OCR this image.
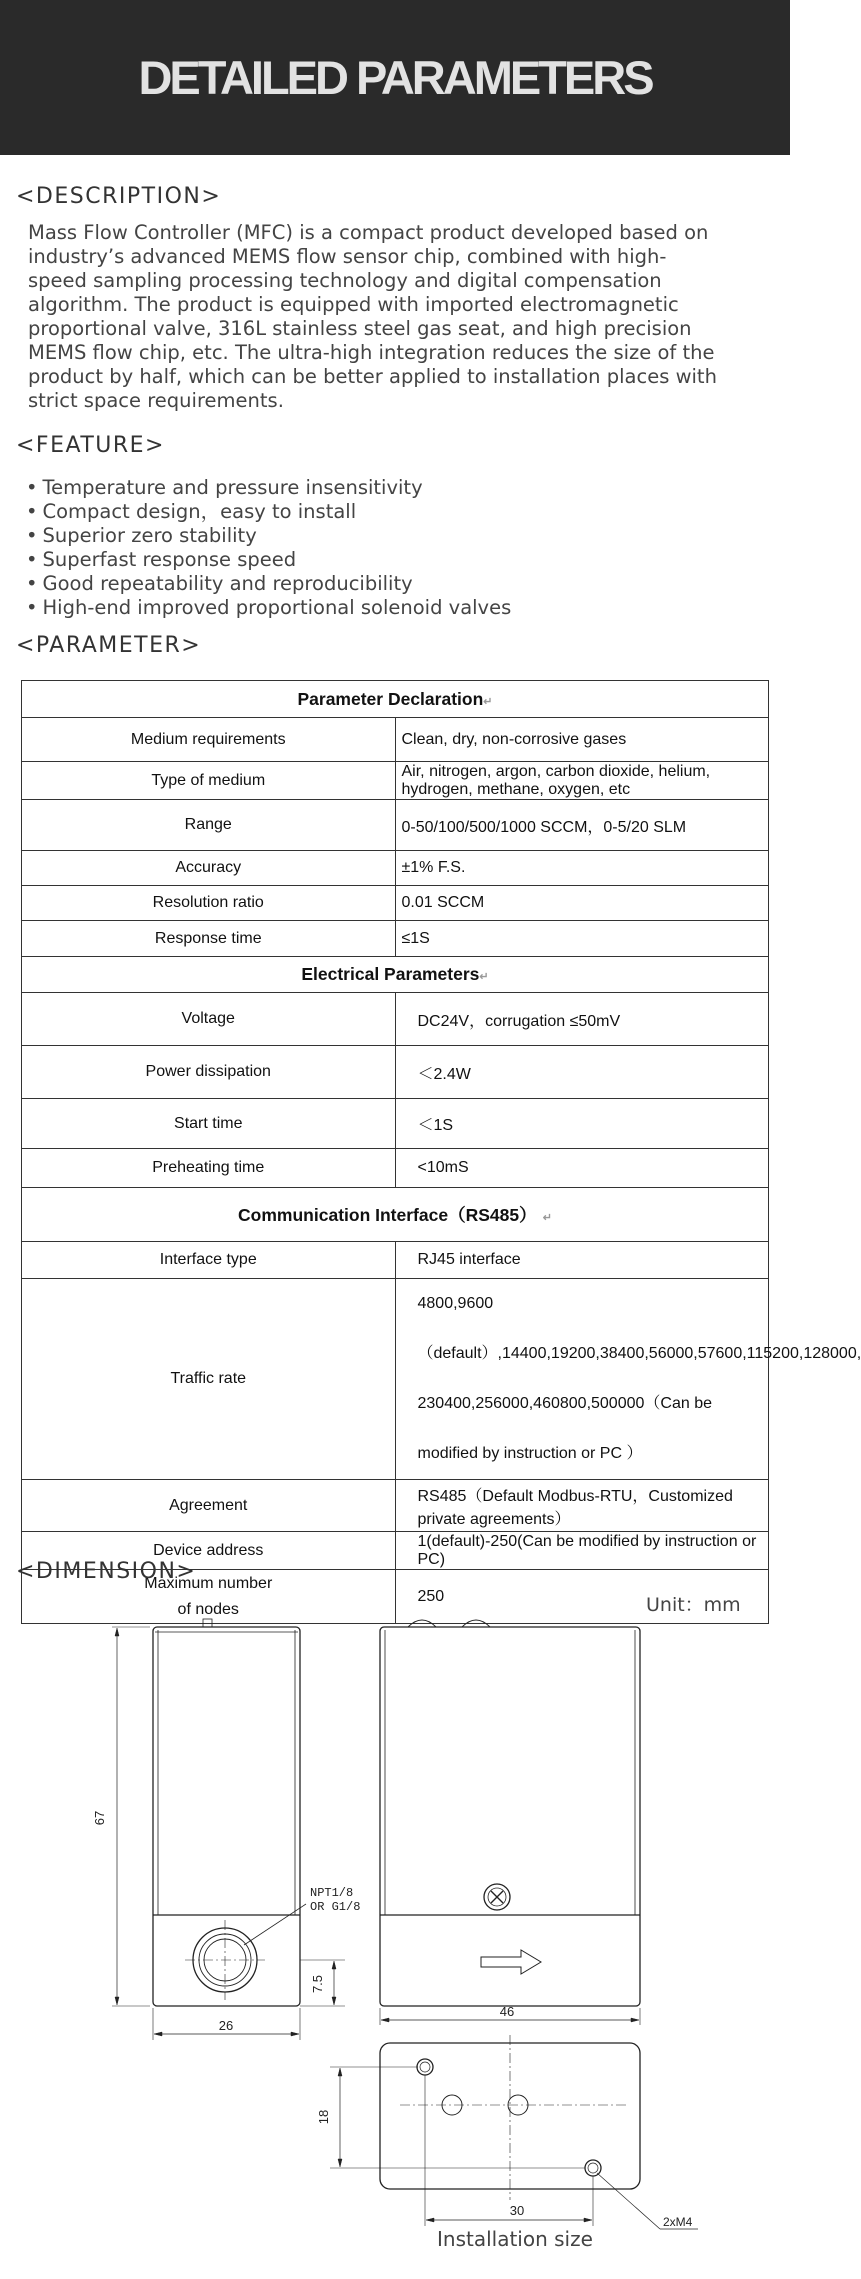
DETAILED PARAMETERS
<DESCRIPTION>
Mass Flow Controller (MFC) is a compact product developed based on
industry’s advanced MEMS flow sensor chip, combined with high-
speed sampling processing technology and digital compensation
algorithm. The product is equipped with imported electromagnetic
proportional valve, 316L stainless steel gas seat, and high precision
MEMS flow chip, etc. The ultra-high integration reduces the size of the
product by half, which can be better applied to installation places with
strict space requirements.
<FEATURE>
• Temperature and pressure insensitivity
• Compact design，easy to install
• Superior zero stability
• Superfast response speed
• Good repeatability and reproducibility
• High-end improved proportional solenoid valves
<PARAMETER>
Parameter Declaration↵	
Medium requirements	Clean, dry, non-corrosive gases
Type of medium	Air, nitrogen, argon, carbon dioxide, helium, hydrogen, methane, oxygen, etc
Range	0-50/100/500/1000 SCCM，0-5/20 SLM
Accuracy	±1% F.S.
Resolution ratio	0.01 SCCM
Response time	≤1S
Electrical Parameters↵	
Voltage	DC24V，corrugation ≤50mV
Power dissipation	＜2.4W
Start time	＜1S
Preheating time	<10mS
Communication Interface（RS485）  ↵	
Interface type	RJ45 interface
Traffic rate	4800,9600（default）,14400,19200,38400,56000,57600,115200,128000,
230400,256000,460800,500000（Can be modified by instruction or PC ）

Agreement	RS485（Default Modbus-RTU，Customized private agreements）
Device address	1(default)-250(Can be modified by instruction or PC)

Maximum number
of nodes	250
<DIMENSION>
Unit：mm
67
26
7.5
NPT1/8
OR G1/8
46
18
30
2xM4
Installation size
